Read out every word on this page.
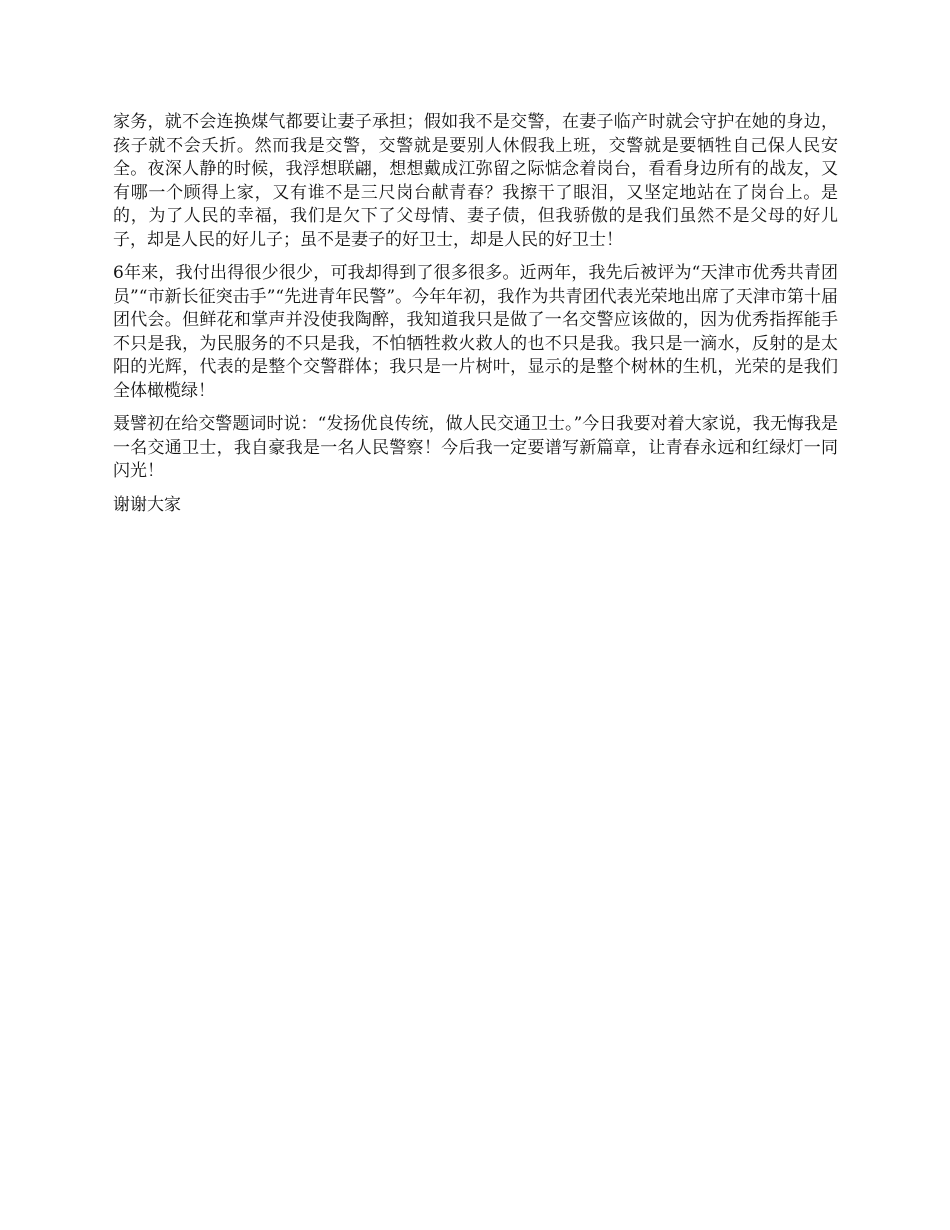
家务，就不会连换煤气都要让妻子承担；假如我不是交警，在妻子临产时就会守护在她的身边，孩子就不会夭折。然而我是交警，交警就是要别人休假我上班，交警就是要牺牲自己保人民安全。夜深人静的时候，我浮想联翩，想想戴成江弥留之际惦念着岗台，看看身边所有的战友，又有哪一个顾得上家，又有谁不是三尺岗台献青春？我擦干了眼泪，又坚定地站在了岗台上。是的，为了人民的幸福，我们是欠下了父母情、妻子债，但我骄傲的是我们虽然不是父母的好儿子，却是人民的好儿子；虽不是妻子的好卫士，却是人民的好卫士！

6年来，我付出得很少很少，可我却得到了很多很多。近两年，我先后被评为“天津市优秀共青团员”“市新长征突击手”“先进青年民警”。今年年初，我作为共青团代表光荣地出席了天津市第十届团代会。但鲜花和掌声并没使我陶醉，我知道我只是做了一名交警应该做的，因为优秀指挥能手不只是我，为民服务的不只是我，不怕牺牲救火救人的也不只是我。我只是一滴水，反射的是太阳的光辉，代表的是整个交警群体；我只是一片树叶，显示的是整个树林的生机，光荣的是我们全体橄榄绿！

聂譬初在给交警题词时说：“发扬优良传统，做人民交通卫士。”今日我要对着大家说，我无悔我是一名交通卫士，我自豪我是一名人民警察！今后我一定要谱写新篇章，让青春永远和红绿灯一同闪光！

谢谢大家
